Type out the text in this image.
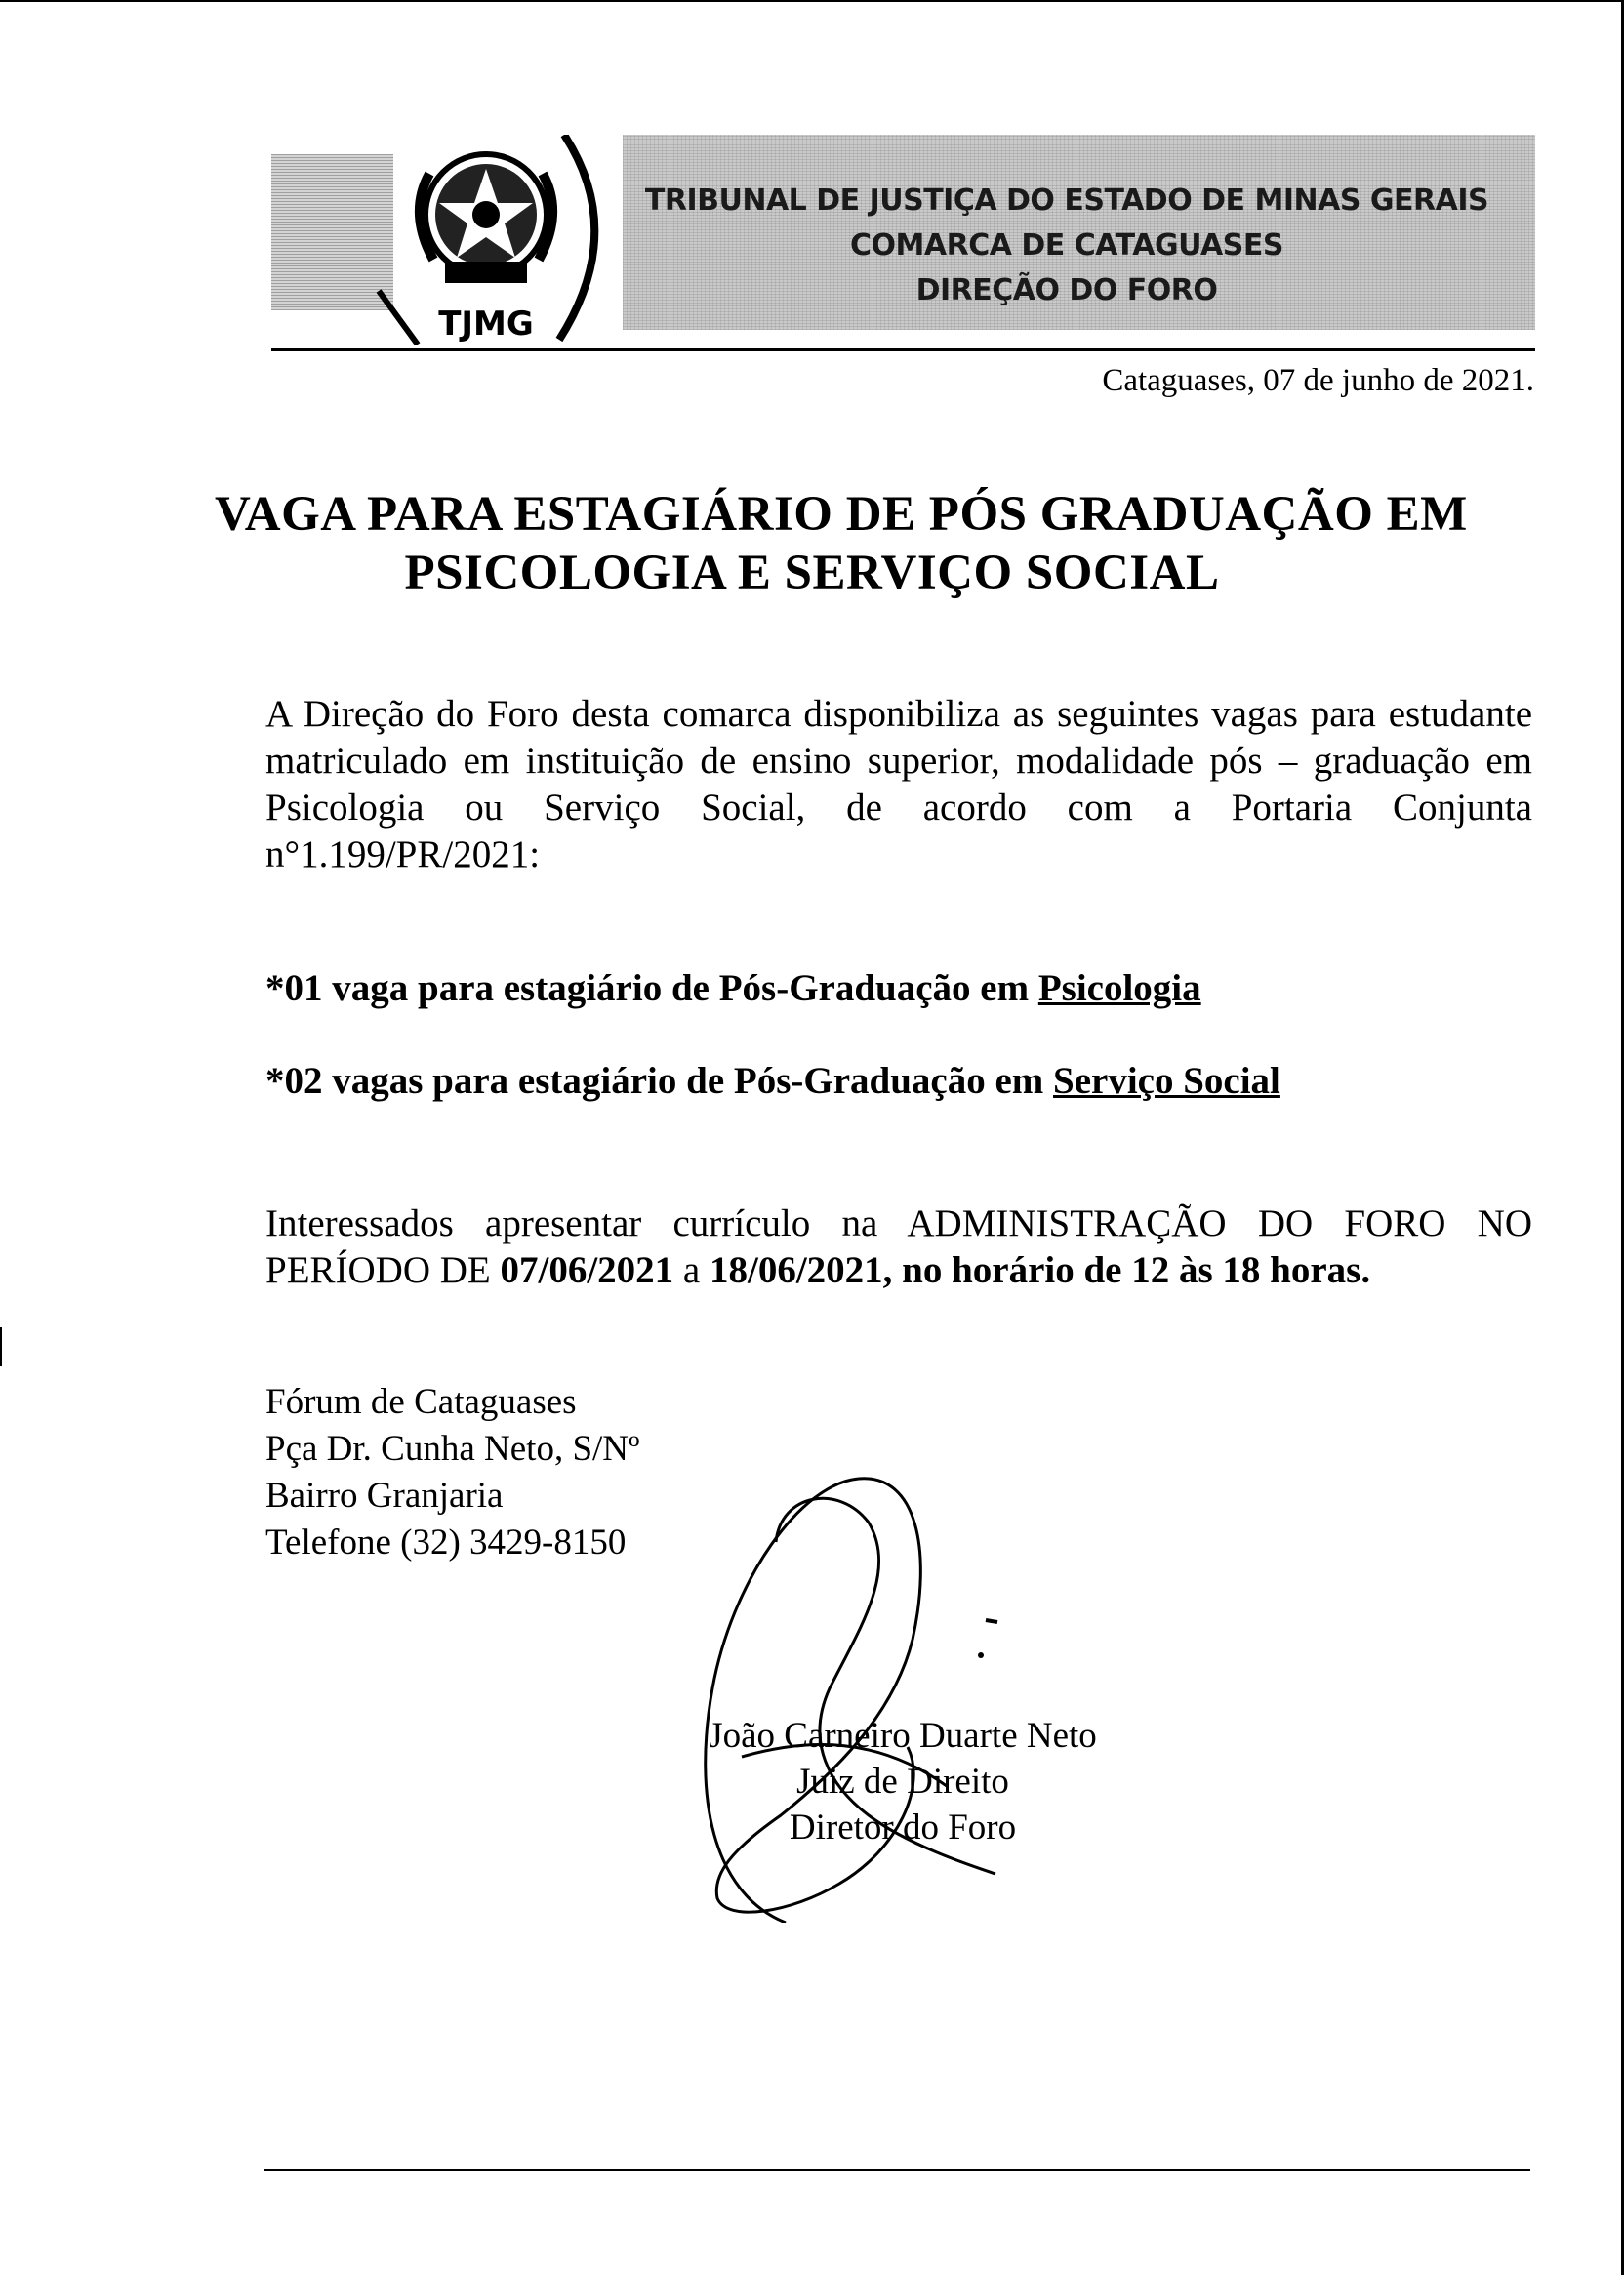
TJMG
TRIBUNAL DE JUSTIÇA DO ESTADO DE MINAS GERAIS
COMARCA DE CATAGUASES
DIREÇÃO DO FORO
Cataguases, 07 de junho de 2021.
VAGA PARA ESTAGIÁRIO DE PÓS GRADUAÇÃO EM
PSICOLOGIA E SERVIÇO SOCIAL
A Direção do Foro desta comarca disponibiliza as seguintes vagas para estudante matriculado em instituição de ensino superior, modalidade pós – graduação em Psicologia ou Serviço Social, de acordo com a Portaria Conjunta n°1.199/PR/2021:
*01 vaga para estagiário de Pós-Graduação em Psicologia
*02 vagas para estagiário de Pós-Graduação em Serviço Social
Interessados apresentar currículo na ADMINISTRAÇÃO DO FORO NO PERÍODO DE 07/06/2021 a 18/06/2021, no horário de 12 às 18 horas.
Fórum de Cataguases
Pça Dr. Cunha Neto, S/Nº
Bairro Granjaria
Telefone (32) 3429-8150
João Carneiro Duarte Neto
Juiz de Direito
Diretor do Foro
